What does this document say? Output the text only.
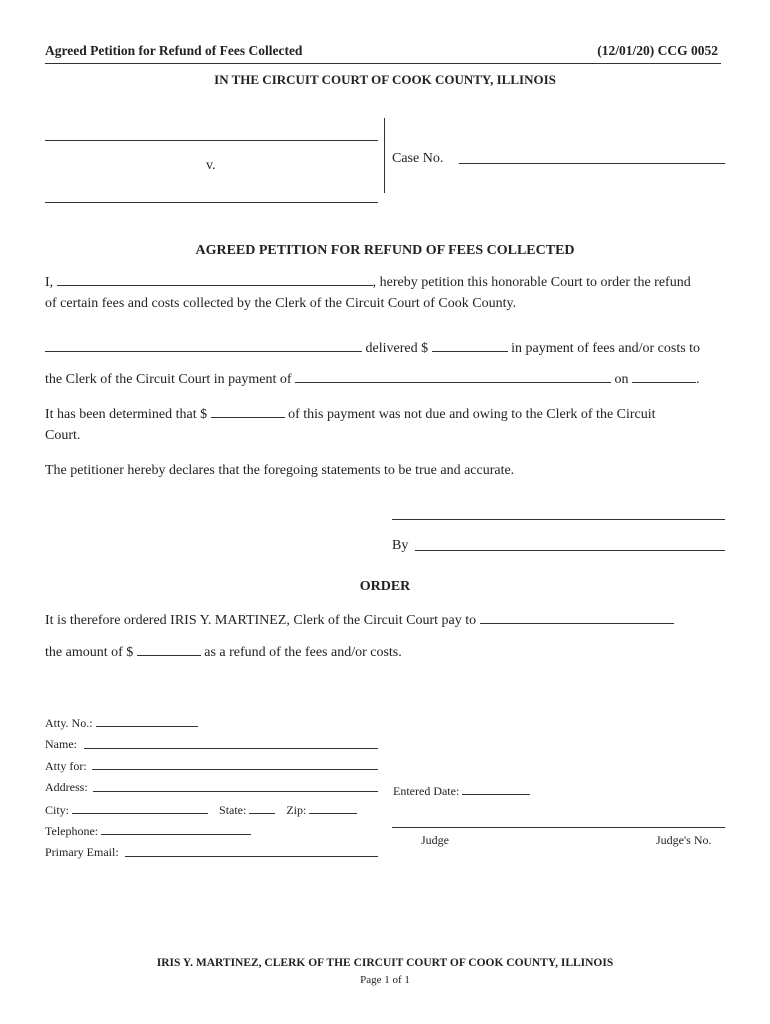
Agreed Petition for Refund of Fees Collected	(12/01/20) CCG 0052
IN THE CIRCUIT COURT OF COOK COUNTY, ILLINOIS
v.	Case No.
AGREED PETITION FOR REFUND OF FEES COLLECTED
I,	, hereby petition this honorable Court to order the refund
of certain fees and costs collected by the Clerk of the Circuit Court of Cook County.
delivered $	in payment of fees and/or costs to
the Clerk of the Circuit Court in payment of	on	.
It has been determined that $	of this payment was not due and owing to the Clerk of the Circuit
Court.
The petitioner hereby declares that the foregoing statements to be true and accurate.
By
ORDER
It is therefore ordered IRIS Y. MARTINEZ, Clerk of the Circuit Court pay to
the amount of $	as a refund of the fees and/or costs.
Atty. No.:
Name:
Atty for:
Address:
City:	State:	Zip:
Telephone:
Primary Email:
Entered Date:
Judge	Judge's No.
IRIS Y. MARTINEZ, CLERK OF THE CIRCUIT COURT OF COOK COUNTY, ILLINOIS
Page 1 of 1
